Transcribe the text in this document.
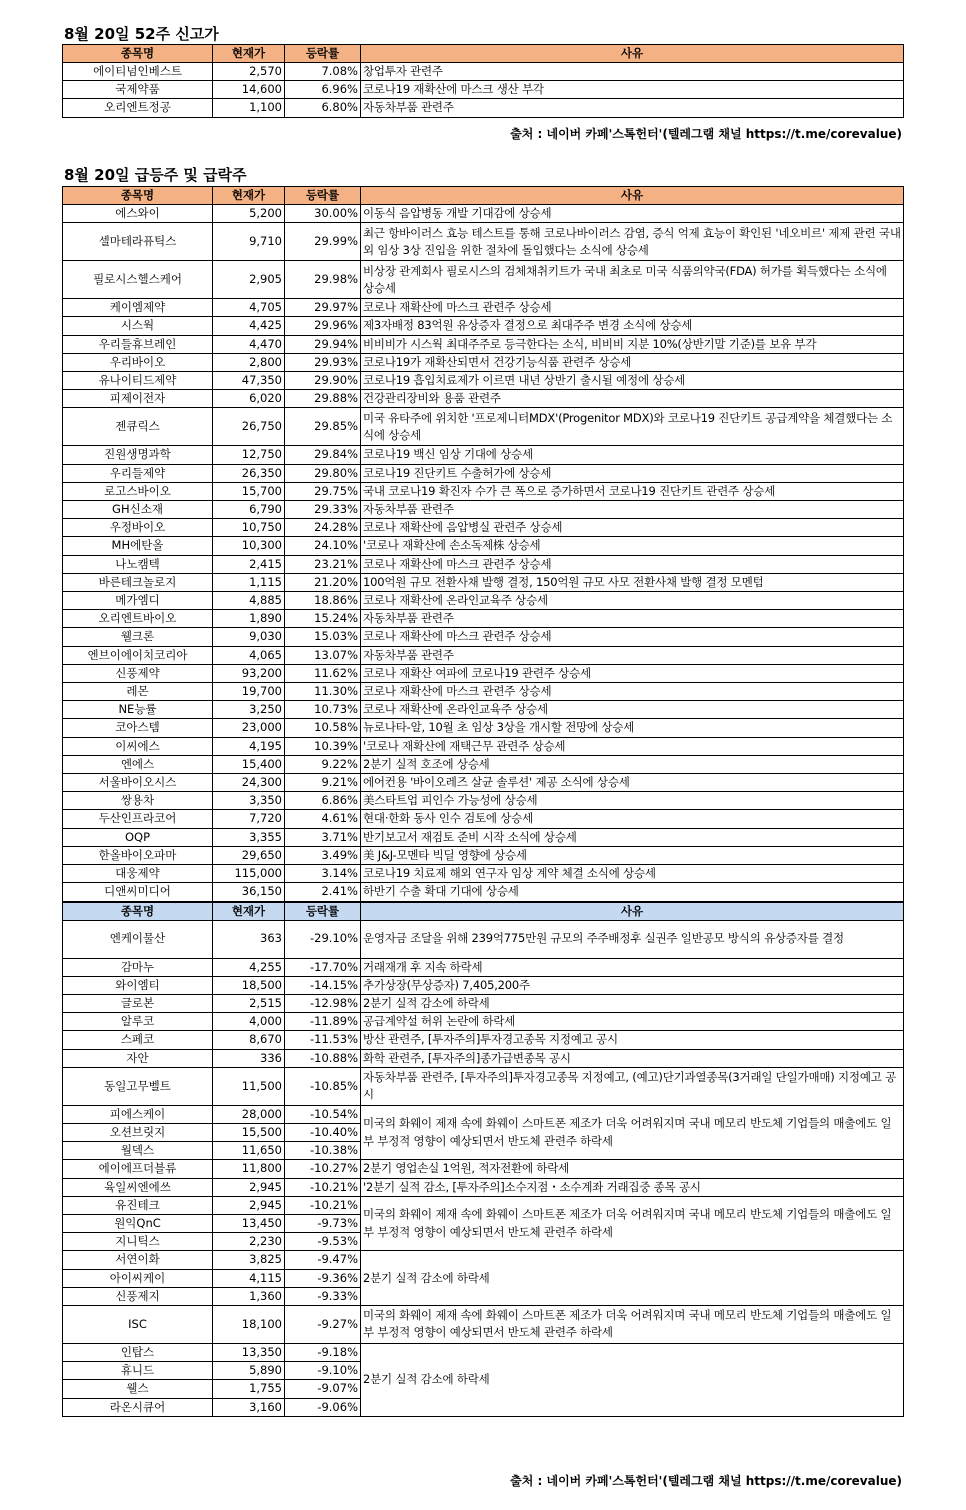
8월 20일 52주 신고가
종목명	현재가	등락률	사유
에이티넘인베스트	2,570	7.08%	창업투자 관련주
국제약품	14,600	6.96%	코로나19 재확산에 마스크 생산 부각
오리엔트정공	1,100	6.80%	자동차부품 관련주
출처 : 네이버 카페'스톡헌터'(텔레그램 채널 https://t.me/corevalue)
8월 20일 급등주 및 급락주
종목명	현재가	등락률	사유
에스와이	5,200	30.00%	이동식 음압병동 개발 기대감에 상승세
셀마테라퓨틱스	9,710	29.99%	최근 항바이러스 효능 테스트를 통해 코로나바이러스 감염, 증식 억제 효능이 확인된 '네오비르' 제제 관련 국내외 임상 3상 진입을 위한 절차에 돌입했다는 소식에 상승세
필로시스헬스케어	2,905	29.98%	비상장 관계회사 필로시스의 검체채취키트가 국내 최초로 미국 식품의약국(FDA) 허가를 획득했다는 소식에 상승세
케이엠제약	4,705	29.97%	코로나 재확산에 마스크 관련주 상승세
시스웍	4,425	29.96%	제3자배정 83억원 유상증자 결정으로 최대주주 변경 소식에 상승세
우리들휴브레인	4,470	29.94%	비비비가 시스웍 최대주주로 등극한다는 소식, 비비비 지분 10%(상반기말 기준)를 보유 부각
우리바이오	2,800	29.93%	코로나19가 재확산되면서 건강기능식품 관련주 상승세
유나이티드제약	47,350	29.90%	코로나19 흡입치료제가 이르면 내년 상반기 출시될 예정에 상승세
피제이전자	6,020	29.88%	건강관리장비와 용품 관련주
젠큐릭스	26,750	29.85%	미국 유타주에 위치한 '프로제니터MDX'(Progenitor MDX)와 코로나19 진단키트 공급계약을 체결했다는 소식에 상승세
진원생명과학	12,750	29.84%	코로나19 백신 임상 기대에 상승세
우리들제약	26,350	29.80%	코로나19 진단키트 수출허가에 상승세
로고스바이오	15,700	29.75%	국내 코로나19 확진자 수가 큰 폭으로 증가하면서 코로나19 진단키트 관련주 상승세
GH신소재	6,790	29.33%	자동차부품 관련주
우정바이오	10,750	24.28%	코로나 재확산에 음압병실 관련주 상승세
MH에탄올	10,300	24.10%	'코로나 재확산에 손소독제株 상승세
나노캠텍	2,415	23.21%	코로나 재확산에 마스크 관련주 상승세
바른테크놀로지	1,115	21.20%	100억원 규모 전환사채 발행 결정, 150억원 규모 사모 전환사채 발행 결정 모멘텀
메가엠디	4,885	18.86%	코로나 재확산에 온라인교육주 상승세
오리엔트바이오	1,890	15.24%	자동차부품 관련주
웰크론	9,030	15.03%	코로나 재확산에 마스크 관련주 상승세
엔브이에이치코리아	4,065	13.07%	자동차부품 관련주
신풍제약	93,200	11.62%	코로나 재확산 여파에 코로나19 관련주 상승세
레몬	19,700	11.30%	코로나 재확산에 마스크 관련주 상승세
NE능률	3,250	10.73%	코로나 재확산에 온라인교육주 상승세
코아스템	23,000	10.58%	뉴로나타-알, 10월 초 임상 3상을 개시할 전망에 상승세
이씨에스	4,195	10.39%	'코로나 재확산에 재택근무 관련주 상승세
엔에스	15,400	9.22%	2분기 실적 호조에 상승세
서울바이오시스	24,300	9.21%	에어컨용 '바이오레즈 살균 솔루션' 제공 소식에 상승세
쌍용차	3,350	6.86%	美스타트업 피인수 가능성에 상승세
두산인프라코어	7,720	4.61%	현대·한화 동사 인수 검토에 상승세
OQP	3,355	3.71%	반기보고서 재검토 준비 시작 소식에 상승세
한올바이오파마	29,650	3.49%	美 J&J-모멘타 빅딜 영향에 상승세
대웅제약	115,000	3.14%	코로나19 치료제 해외 연구자 임상 계약 체결 소식에 상승세
디앤씨미디어	36,150	2.41%	하반기 수출 확대 기대에 상승세
종목명	현재가	등락률	사유
엔케이물산	363	-29.10%	운영자금 조달을 위해 239억775만원 규모의 주주배정후 실권주 일반공모 방식의 유상증자를 결정
감마누	4,255	-17.70%	거래재개 후 지속 하락세
와이엠티	18,500	-14.15%	추가상장(무상증자) 7,405,200주
글로본	2,515	-12.98%	2분기 실적 감소에 하락세
알루코	4,000	-11.89%	공급계약설 허위 논란에 하락세
스페코	8,670	-11.53%	방산 관련주, [투자주의]투자경고종목 지정예고 공시
자안	336	-10.88%	화학 관련주, [투자주의]종가급변종목 공시
동일고무벨트	11,500	-10.85%	자동차부품 관련주, [투자주의]투자경고종목 지정예고, (예고)단기과열종목(3거래일 단일가매매) 지정예고 공시
피에스케이	28,000	-10.54%	미국의 화웨이 제재 속에 화웨이 스마트폰 제조가 더욱 어려워지며 국내 메모리 반도체 기업들의 매출에도 일부 부정적 영향이 예상되면서 반도체 관련주 하락세
오션브릿지	15,500	-10.40%	
월덱스	11,650	-10.38%	
에이에프더블류	11,800	-10.27%	2분기 영업손실 1억원, 적자전환에 하락세
육일씨엔에쓰	2,945	-10.21%	'2분기 실적 감소, [투자주의]소수지점・소수계좌 거래집중 종목 공시
유진테크	2,945	-10.21%	미국의 화웨이 제재 속에 화웨이 스마트폰 제조가 더욱 어려워지며 국내 메모리 반도체 기업들의 매출에도 일부 부정적 영향이 예상되면서 반도체 관련주 하락세
원익QnC	13,450	-9.73%	
지니틱스	2,230	-9.53%	
서연이화	3,825	-9.47%	2분기 실적 감소에 하락세
아이씨케이	4,115	-9.36%	
신풍제지	1,360	-9.33%	
ISC	18,100	-9.27%	미국의 화웨이 제재 속에 화웨이 스마트폰 제조가 더욱 어려워지며 국내 메모리 반도체 기업들의 매출에도 일부 부정적 영향이 예상되면서 반도체 관련주 하락세
인탑스	13,350	-9.18%	2분기 실적 감소에 하락세
휴니드	5,890	-9.10%	
웰스	1,755	-9.07%	
라온시큐어	3,160	-9.06%	
출처 : 네이버 카페'스톡헌터'(텔레그램 채널 https://t.me/corevalue)
